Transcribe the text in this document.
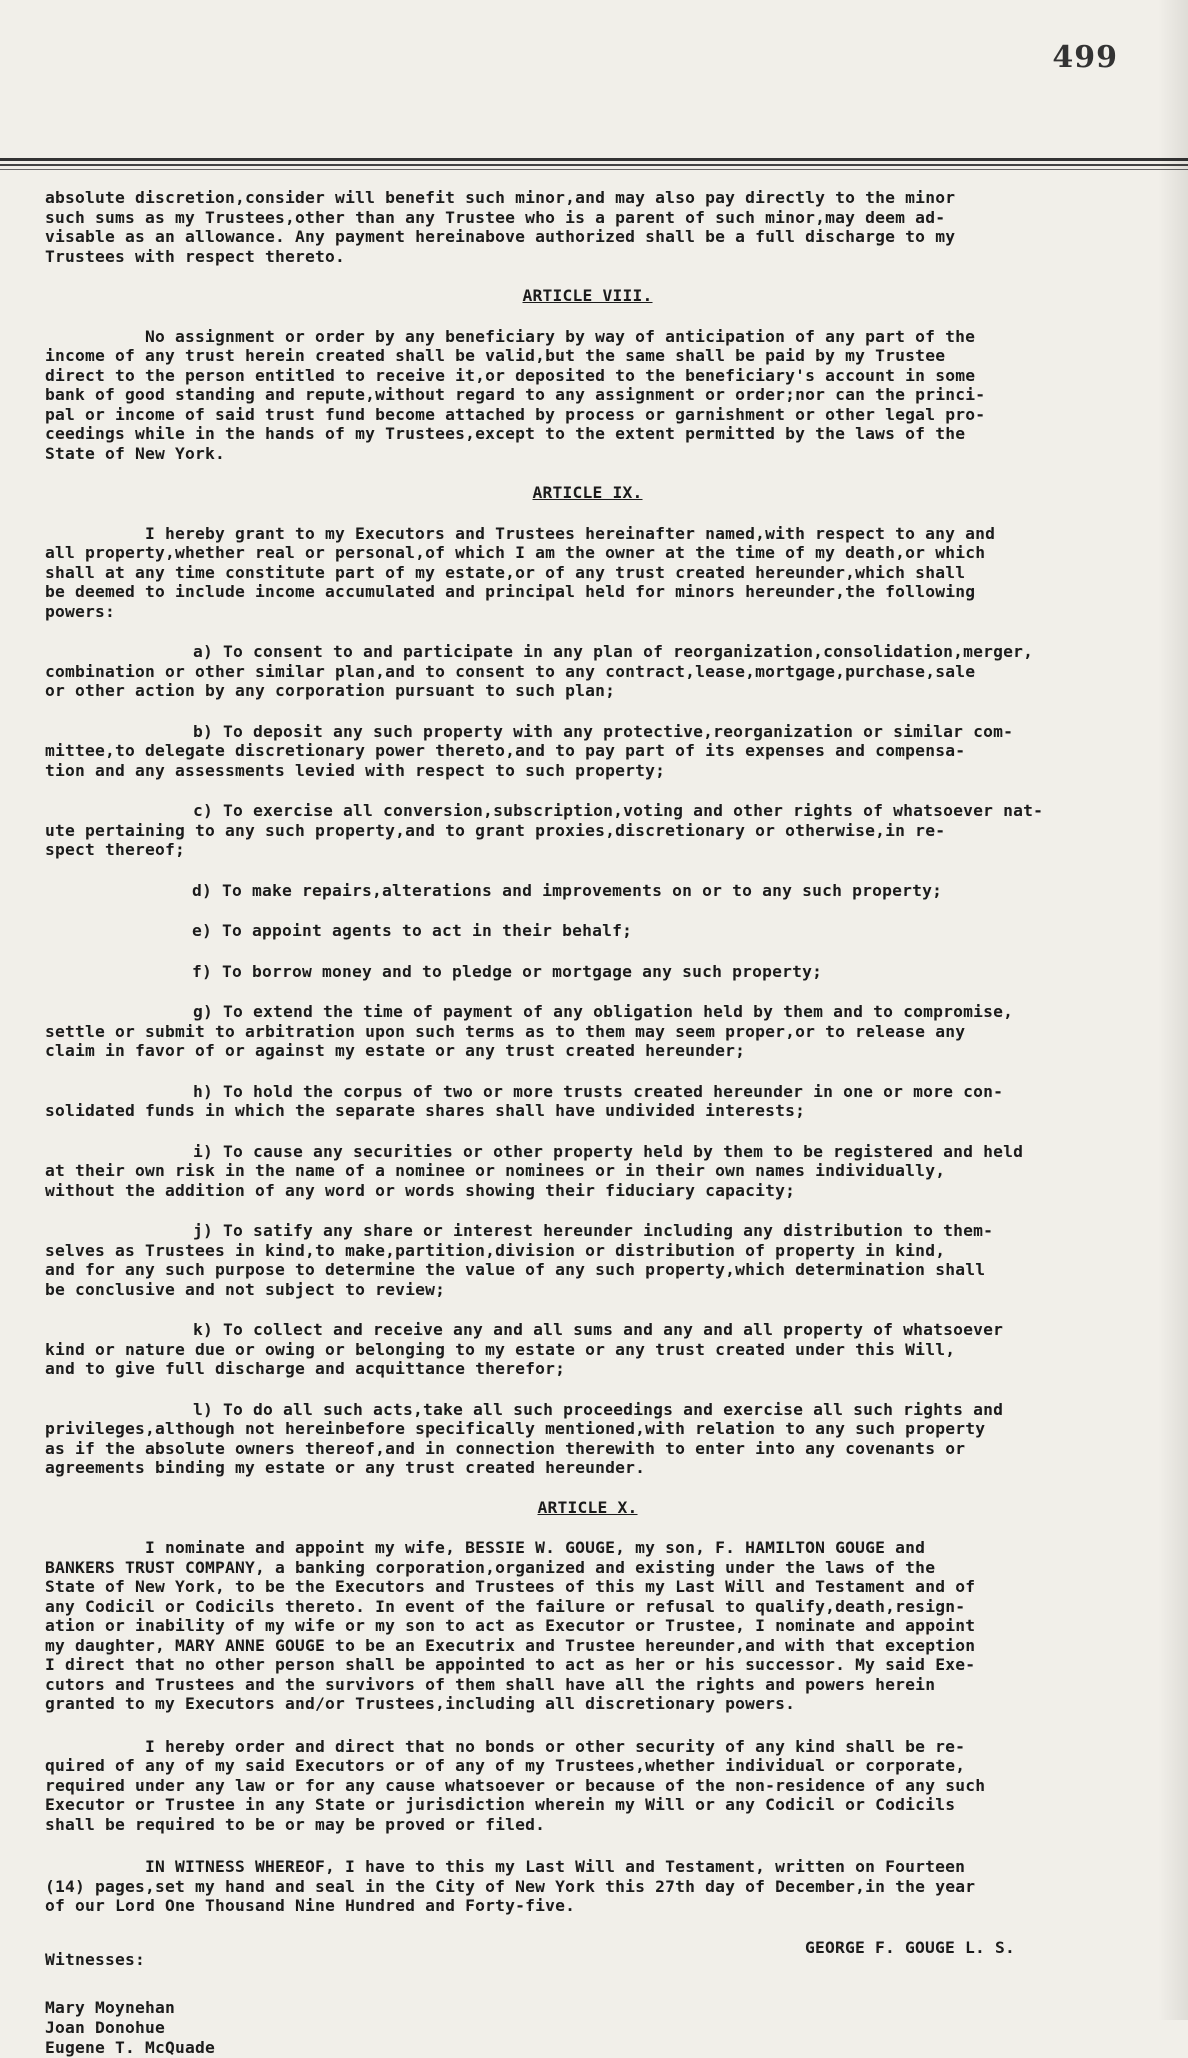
499

absolute discretion,consider will benefit such minor,and may also pay directly to the minor
such sums as my Trustees,other than any Trustee who is a parent of such minor,may deem ad-
visable as an allowance. Any payment hereinabove authorized shall be a full discharge to my
Trustees with respect thereto.

ARTICLE VIII.

No assignment or order by any beneficiary by way of anticipation of any part of the
income of any trust herein created shall be valid,but the same shall be paid by my Trustee
direct to the person entitled to receive it,or deposited to the beneficiary's account in some
bank of good standing and repute,without regard to any assignment or order;nor can the princi-
pal or income of said trust fund become attached by process or garnishment or other legal pro-
ceedings while in the hands of my Trustees,except to the extent permitted by the laws of the
State of New York.

ARTICLE IX.

I hereby grant to my Executors and Trustees hereinafter named,with respect to any and
all property,whether real or personal,of which I am the owner at the time of my death,or which
shall at any time constitute part of my estate,or of any trust created hereunder,which shall
be deemed to include income accumulated and principal held for minors hereunder,the following
powers:

a) To consent to and participate in any plan of reorganization,consolidation,merger,
combination or other similar plan,and to consent to any contract,lease,mortgage,purchase,sale
or other action by any corporation pursuant to such plan;

b) To deposit any such property with any protective,reorganization or similar com-
mittee,to delegate discretionary power thereto,and to pay part of its expenses and compensa-
tion and any assessments levied with respect to such property;

c) To exercise all conversion,subscription,voting and other rights of whatsoever nat-
ute pertaining to any such property,and to grant proxies,discretionary or otherwise,in re-
spect thereof;

d) To make repairs,alterations and improvements on or to any such property;

e) To appoint agents to act in their behalf;

f) To borrow money and to pledge or mortgage any such property;

g) To extend the time of payment of any obligation held by them and to compromise,
settle or submit to arbitration upon such terms as to them may seem proper,or to release any
claim in favor of or against my estate or any trust created hereunder;

h) To hold the corpus of two or more trusts created hereunder in one or more con-
solidated funds in which the separate shares shall have undivided interests;

i) To cause any securities or other property held by them to be registered and held
at their own risk in the name of a nominee or nominees or in their own names individually,
without the addition of any word or words showing their fiduciary capacity;

j) To satify any share or interest hereunder including any distribution to them-
selves as Trustees in kind,to make,partition,division or distribution of property in kind,
and for any such purpose to determine the value of any such property,which determination shall
be conclusive and not subject to review;

k) To collect and receive any and all sums and any and all property of whatsoever
kind or nature due or owing or belonging to my estate or any trust created under this Will,
and to give full discharge and acquittance therefor;

l) To do all such acts,take all such proceedings and exercise all such rights and
privileges,although not hereinbefore specifically mentioned,with relation to any such property
as if the absolute owners thereof,and in connection therewith to enter into any covenants or
agreements binding my estate or any trust created hereunder.

ARTICLE X.

I nominate and appoint my wife, BESSIE W. GOUGE, my son, F. HAMILTON GOUGE and
BANKERS TRUST COMPANY, a banking corporation,organized and existing under the laws of the
State of New York, to be the Executors and Trustees of this my Last Will and Testament and of
any Codicil or Codicils thereto. In event of the failure or refusal to qualify,death,resign-
ation or inability of my wife or my son to act as Executor or Trustee, I nominate and appoint
my daughter, MARY ANNE GOUGE to be an Executrix and Trustee hereunder,and with that exception
I direct that no other person shall be appointed to act as her or his successor. My said Exe-
cutors and Trustees and the survivors of them shall have all the rights and powers herein
granted to my Executors and/or Trustees,including all discretionary powers.

I hereby order and direct that no bonds or other security of any kind shall be re-
quired of any of my said Executors or of any of my Trustees,whether individual or corporate,
required under any law or for any cause whatsoever or because of the non-residence of any such
Executor or Trustee in any State or jurisdiction wherein my Will or any Codicil or Codicils
shall be required to be or may be proved or filed.

IN WITNESS WHEREOF, I have to this my Last Will and Testament, written on Fourteen
(14) pages,set my hand and seal in the City of New York this 27th day of December,in the year
of our Lord One Thousand Nine Hundred and Forty-five.

Witnesses:
GEORGE F. GOUGE L. S.
Mary Moynehan
Joan Donohue
Eugene T. McQuade
